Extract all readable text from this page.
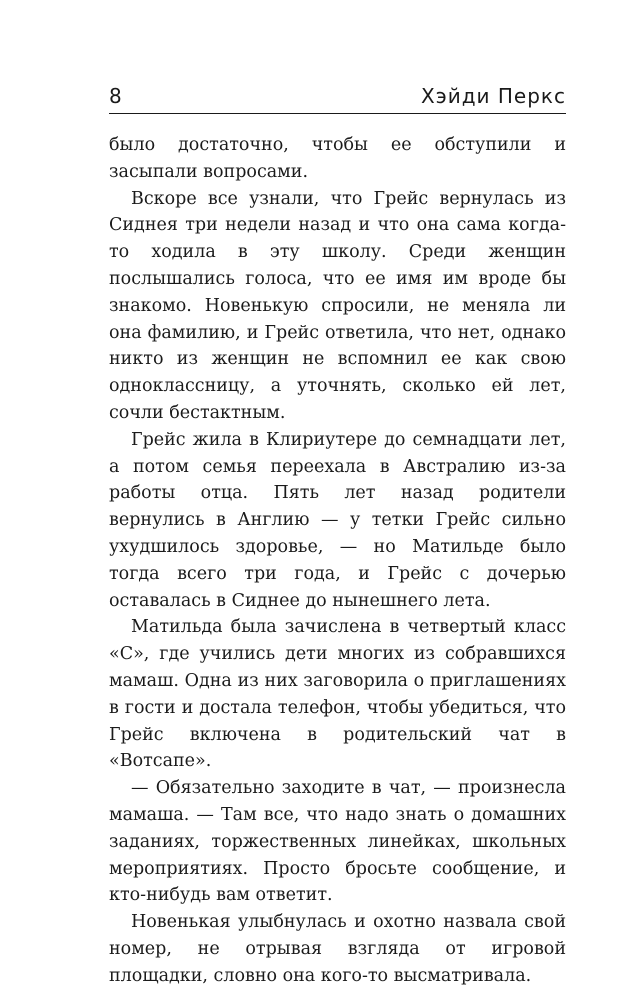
8	Хэйди Перкс

было достаточно, чтобы ее обступили и засыпали вопросами.

Вскоре все узнали, что Грейс вернулась из Сиднея три недели назад и что она сама когда-то ходила в эту школу. Среди женщин послышались голоса, что ее имя им вроде бы знакомо. Новенькую спросили, не меняла ли она фамилию, и Грейс ответила, что нет, однако никто из женщин не вспомнил ее как свою одноклассницу, а уточнять, сколько ей лет, сочли бестактным.

Грейс жила в Клириутере до семнадцати лет, а потом семья переехала в Австралию из-за работы отца. Пять лет назад родители вернулись в Англию — у тетки Грейс сильно ухудшилось здоровье, — но Матильде было тогда всего три года, и Грейс с дочерью оставалась в Сиднее до нынешнего лета.

Матильда была зачислена в четвертый класс «С», где учились дети многих из собравшихся мамаш. Одна из них заговорила о приглашениях в гости и достала телефон, чтобы убедиться, что Грейс включена в родительский чат в «Вотсапе».

— Обязательно заходите в чат, — произнесла мамаша. — Там все, что надо знать о домашних заданиях, торжественных линейках, школьных мероприятиях. Просто бросьте сообщение, и кто-нибудь вам ответит.

Новенькая улыбнулась и охотно назвала свой номер, не отрывая взгляда от игровой площадки, словно она кого-то высматривала.
